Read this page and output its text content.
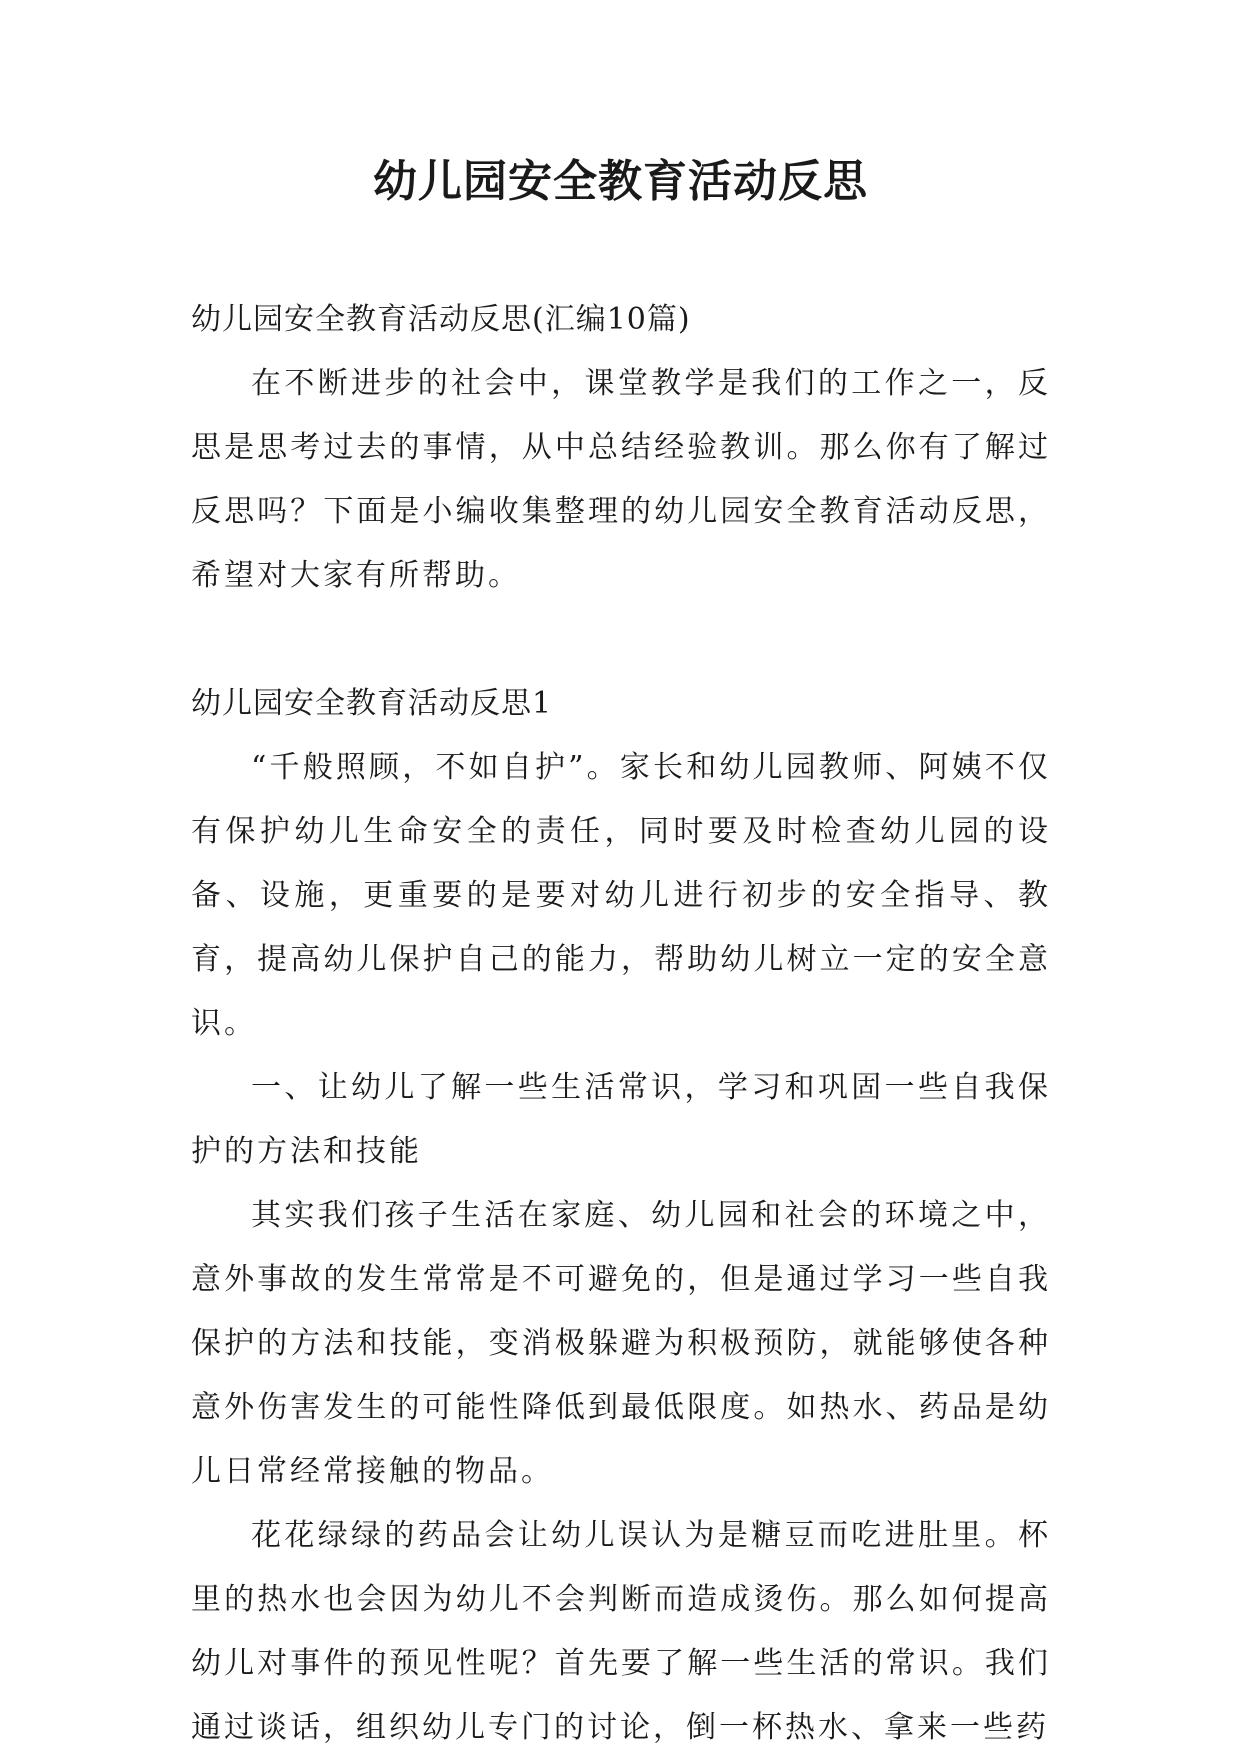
幼儿园安全教育活动反思

幼儿园安全教育活动反思(汇编10篇)

在不断进步的社会中，课堂教学是我们的工作之一，反思是思考过去的事情，从中总结经验教训。那么你有了解过反思吗？下面是小编收集整理的幼儿园安全教育活动反思，希望对大家有所帮助。

幼儿园安全教育活动反思1

“千般照顾，不如自护”。家长和幼儿园教师、阿姨不仅有保护幼儿生命安全的责任，同时要及时检查幼儿园的设备、设施，更重要的是要对幼儿进行初步的安全指导、教育，提高幼儿保护自己的能力，帮助幼儿树立一定的安全意识。

一、让幼儿了解一些生活常识，学习和巩固一些自我保护的方法和技能

其实我们孩子生活在家庭、幼儿园和社会的环境之中，意外事故的发生常常是不可避免的，但是通过学习一些自我保护的方法和技能，变消极躲避为积极预防，就能够使各种意外伤害发生的可能性降低到最低限度。如热水、药品是幼儿日常经常接触的物品。

花花绿绿的药品会让幼儿误认为是糖豆而吃进肚里。杯里的热水也会因为幼儿不会判断而造成烫伤。那么如何提高幼儿对事件的预见性呢？首先要了解一些生活的常识。我们通过谈话，组织幼儿专门的讨论，倒一杯热水、拿来一些药
